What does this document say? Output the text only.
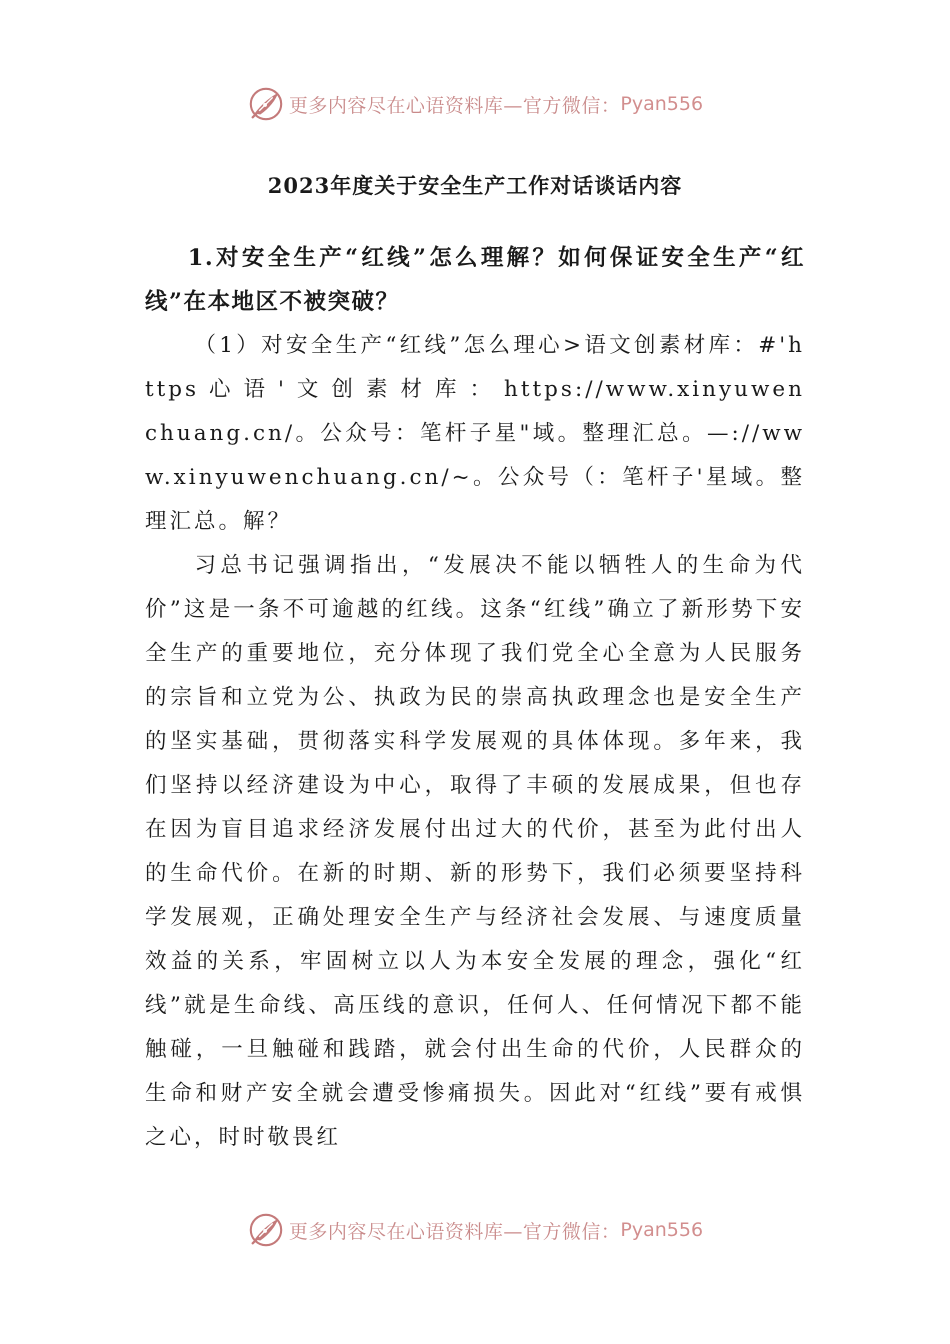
更多内容尽在心语资料库—官方微信： Pyan556
2023年度关于安全生产工作对话谈话内容

1.对安全生产“红线”怎么理解？如何保证安全生产“红线”在本地区不被突破？

（1）对安全生产“红线”怎么理心>语文创素材库：#'https 心 语 ' 文 创 素 材 库 ： https://www.xinyuwenchuang.cn/。公众号：笔杆子星"域。整理汇总。—://www.xinyuwenchuang.cn/~。公众号（：笔杆子'星域。整理汇总。解？

习总书记强调指出，“发展决不能以牺牲人的生命为代价”这是一条不可逾越的红线。这条“红线”确立了新形势下安全生产的重要地位，充分体现了我们党全心全意为人民服务的宗旨和立党为公、执政为民的崇高执政理念也是安全生产的坚实基础，贯彻落实科学发展观的具体体现。多年来，我们坚持以经济建设为中心，取得了丰硕的发展成果，但也存在因为盲目追求经济发展付出过大的代价，甚至为此付出人的生命代价。在新的时期、新的形势下，我们必须要坚持科学发展观，正确处理安全生产与经济社会发展、与速度质量效益的关系，牢固树立以人为本安全发展的理念，强化“红线”就是生命线、高压线的意识，任何人、任何情况下都不能触碰，一旦触碰和践踏，就会付出生命的代价，人民群众的生命和财产安全就会遭受惨痛损失。因此对“红线”要有戒惧之心，时时敬畏红

更多内容尽在心语资料库—官方微信： Pyan556
